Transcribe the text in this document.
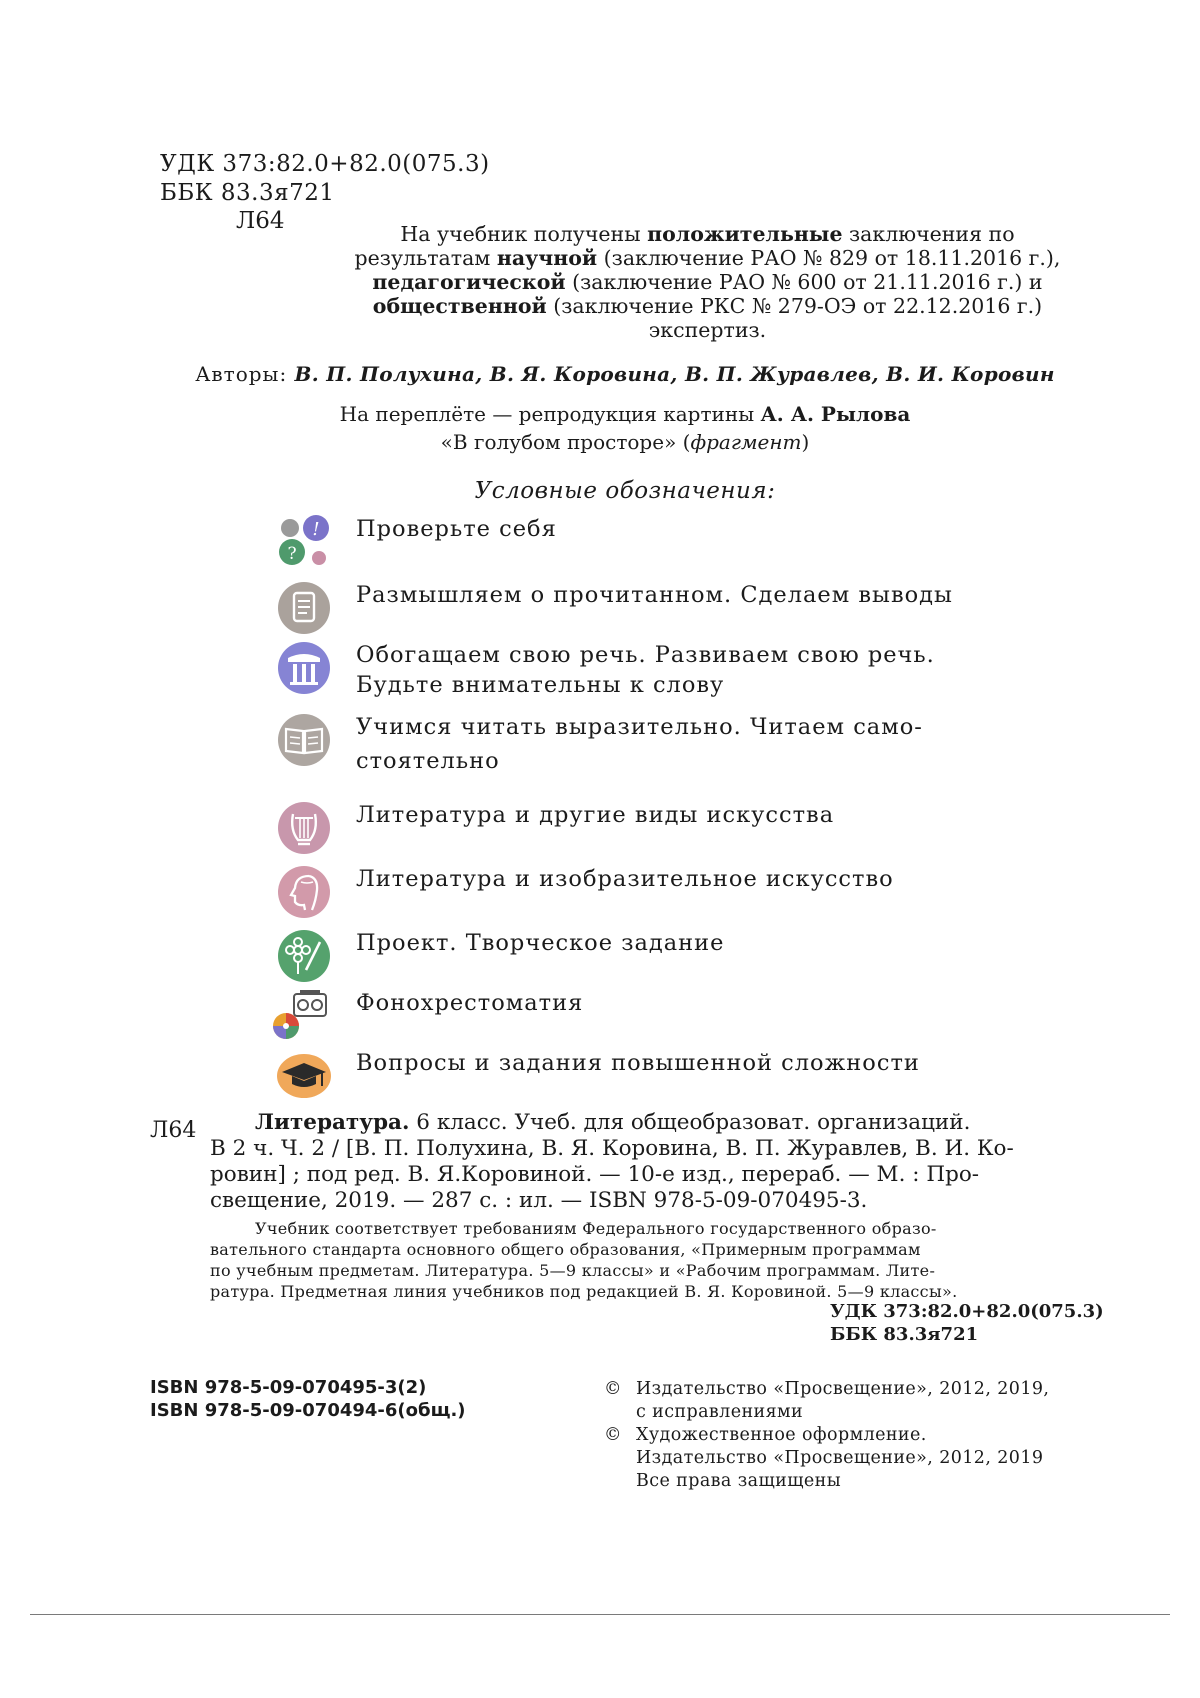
УДК 373:82.0+82.0(075.3)
ББК 83.3я721
Л64	На учебник получены положительные заключения по
результатам научной (заключение РАО № 829 от 18.11.2016 г.),
педагогической (заключение РАО № 600 от 21.11.2016 г.) и
общественной (заключение РКС № 279-ОЭ от 22.12.2016 г.)
экспертиз.
Авторы: В. П. Полухина, В. Я. Коровина, В. П. Журавлев, В. И. Коровин
На переплёте — репродукция картины А. А. Рылова
«В голубом просторе» (фрагмент)
Условные обозначения:
!
?
Проверьте себя
Размышляем о прочитанном. Сделаем выводы
Обогащаем свою речь. Развиваем свою речь.
Будьте внимательны к слову
Учимся читать выразительно. Читаем само-
стоятельно
Литература и другие виды искусства
Литература и изобразительное искусство
Проект. Творческое задание
Фонохрестоматия
Вопросы и задания повышенной сложности
Л64	Литература. 6 класс. Учеб. для общеобразоват. организаций.

В 2 ч. Ч. 2 / [В. П. Полухина, В. Я. Коровина, В. П. Журавлев, В. И. Ко-

ровин] ; под ред. В. Я.Коровиной. — 10-е изд., перераб. — М. : Про-

свещение, 2019. — 287 с. : ил. — ISBN 978-5-09-070495-3.

Учебник соответствует требованиям Федерального государственного образо-
вательного стандарта основного общего образования, «Примерным программам
по учебным предметам. Литература. 5—9 классы» и «Рабочим программам. Лите-
ратура. Предметная линия учебников под редакцией В. Я. Коровиной. 5—9 классы».
УДК 373:82.0+82.0(075.3)
ББК 83.3я721
ISBN 978-5-09-070495-3(2)
ISBN 978-5-09-070494-6(общ.)
© Издательство «Просвещение», 2012, 2019,
с исправлениями
© Художественное оформление.
Издательство «Просвещение», 2012, 2019
Все права защищены
